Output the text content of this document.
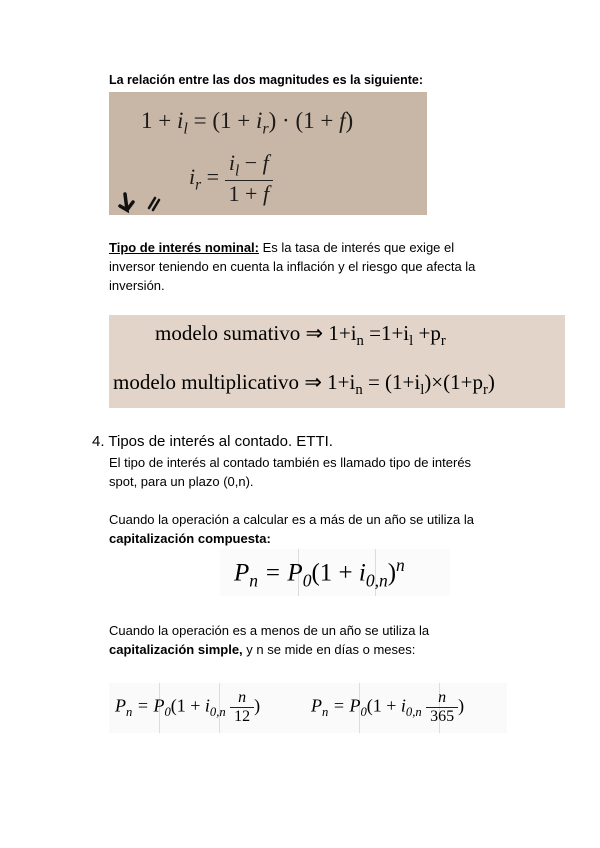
La relación entre las dos magnitudes es la siguiente:
$1 + i_l = (1 + i_r) \cdot (1 + f)$
$i_r = \frac{i_l - f}{1 + f}$
Tipo de interés nominal: Es la tasa de interés que exige el
inversor teniendo en cuenta la inflación y el riesgo que afecta la
inversión.
modelo sumativo ⇒ $1+i_n =1+i_l +p_r$
modelo multiplicativo ⇒ $1+i_n = (1+i_l)\times(1+p_r)$
4. Tipos de interés al contado. ETTI.
El tipo de interés al contado también es llamado tipo de interés
spot, para un plazo (0,n).
Cuando la operación a calcular es a más de un año se utiliza la
capitalización compuesta:
$P_n = P_0(1 + i_{0,n})^n$
Cuando la operación es a menos de un año se utiliza la
capitalización simple, y n se mide en días o meses:
$P_n = P_0(1 + i_{0,n} \frac{n}{12}$ )	$P_n = P_0(1 + i_{0,n} \frac{n}{365}$ )
